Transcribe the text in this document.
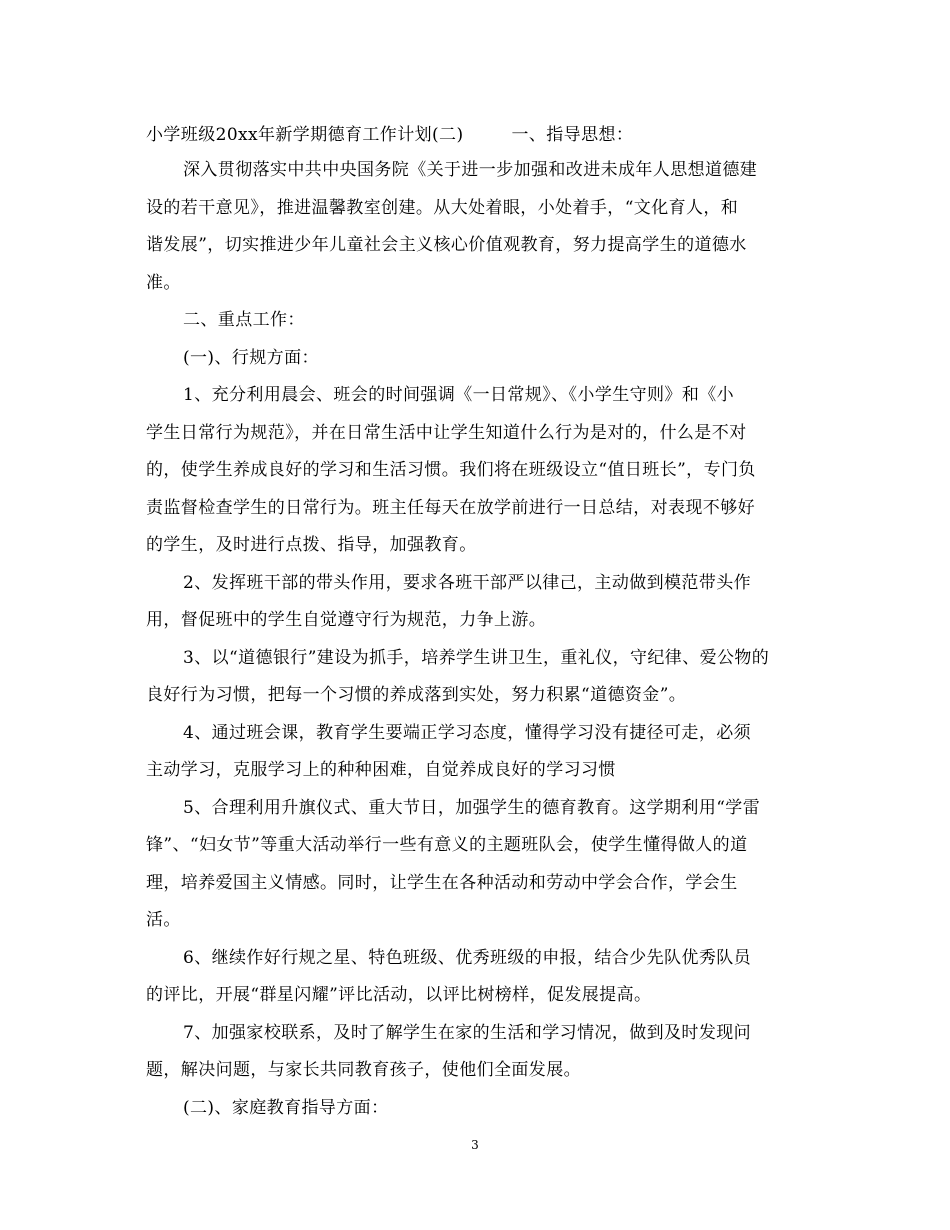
小学班级20xx年新学期德育工作计划(二)	一、指导思想：
深入贯彻落实中共中央国务院《关于进一步加强和改进未成年人思想道德建
设的若干意见》，推进温馨教室创建。从大处着眼，小处着手，“文化育人，和
谐发展”，切实推进少年儿童社会主义核心价值观教育，努力提高学生的道德水
准。
二、重点工作：
(一)、行规方面：
1、充分利用晨会、班会的时间强调《一日常规》、《小学生守则》和《小
学生日常行为规范》，并在日常生活中让学生知道什么行为是对的，什么是不对
的，使学生养成良好的学习和生活习惯。我们将在班级设立“值日班长”，专门负
责监督检查学生的日常行为。班主任每天在放学前进行一日总结，对表现不够好
的学生，及时进行点拨、指导，加强教育。
2、发挥班干部的带头作用，要求各班干部严以律己，主动做到模范带头作
用，督促班中的学生自觉遵守行为规范，力争上游。
3、以“道德银行”建设为抓手，培养学生讲卫生，重礼仪，守纪律、爱公物的
良好行为习惯，把每一个习惯的养成落到实处，努力积累“道德资金”。
4、通过班会课，教育学生要端正学习态度，懂得学习没有捷径可走，必须
主动学习，克服学习上的种种困难，自觉养成良好的学习习惯
5、合理利用升旗仪式、重大节日，加强学生的德育教育。这学期利用“学雷
锋”、“妇女节”等重大活动举行一些有意义的主题班队会，使学生懂得做人的道
理，培养爱国主义情感。同时，让学生在各种活动和劳动中学会合作，学会生
活。
6、继续作好行规之星、特色班级、优秀班级的申报，结合少先队优秀队员
的评比，开展“群星闪耀”评比活动，以评比树榜样，促发展提高。
7、加强家校联系，及时了解学生在家的生活和学习情况，做到及时发现问
题，解决问题，与家长共同教育孩子，使他们全面发展。
(二)、家庭教育指导方面：
3
